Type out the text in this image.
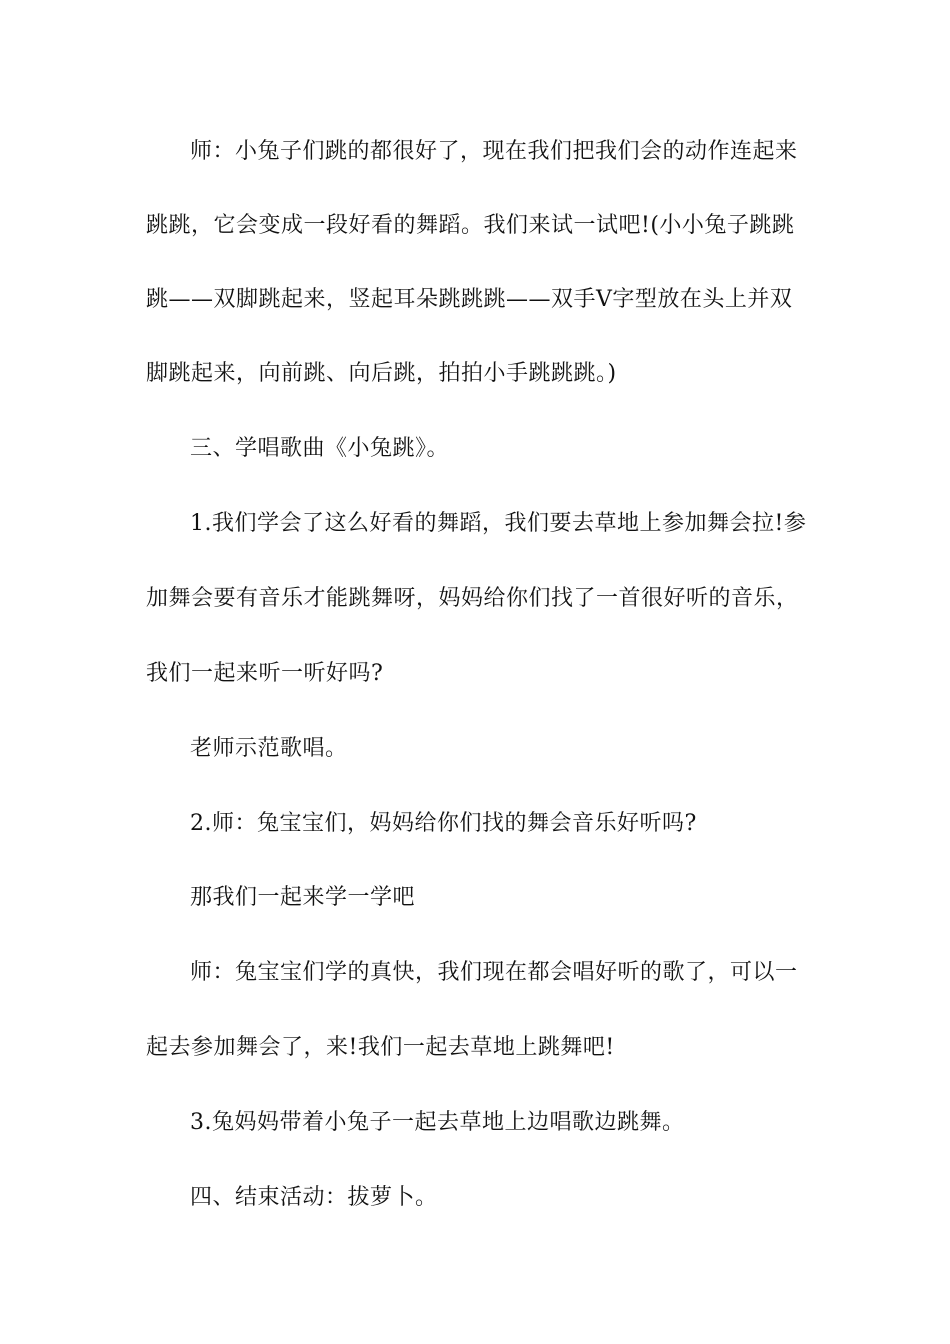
师：小兔子们跳的都很好了，现在我们把我们会的动作连起来
跳跳，它会变成一段好看的舞蹈。我们来试一试吧!(小小兔子跳跳
跳——双脚跳起来，竖起耳朵跳跳跳——双手V字型放在头上并双
脚跳起来，向前跳、向后跳，拍拍小手跳跳跳。)
三、学唱歌曲《小兔跳》。
1.我们学会了这么好看的舞蹈，我们要去草地上参加舞会拉!参
加舞会要有音乐才能跳舞呀，妈妈给你们找了一首很好听的音乐，
我们一起来听一听好吗?
老师示范歌唱。
2.师：兔宝宝们，妈妈给你们找的舞会音乐好听吗?
那我们一起来学一学吧
师：兔宝宝们学的真快，我们现在都会唱好听的歌了，可以一
起去参加舞会了，来!我们一起去草地上跳舞吧!
3.兔妈妈带着小兔子一起去草地上边唱歌边跳舞。
四、结束活动：拔萝卜。
